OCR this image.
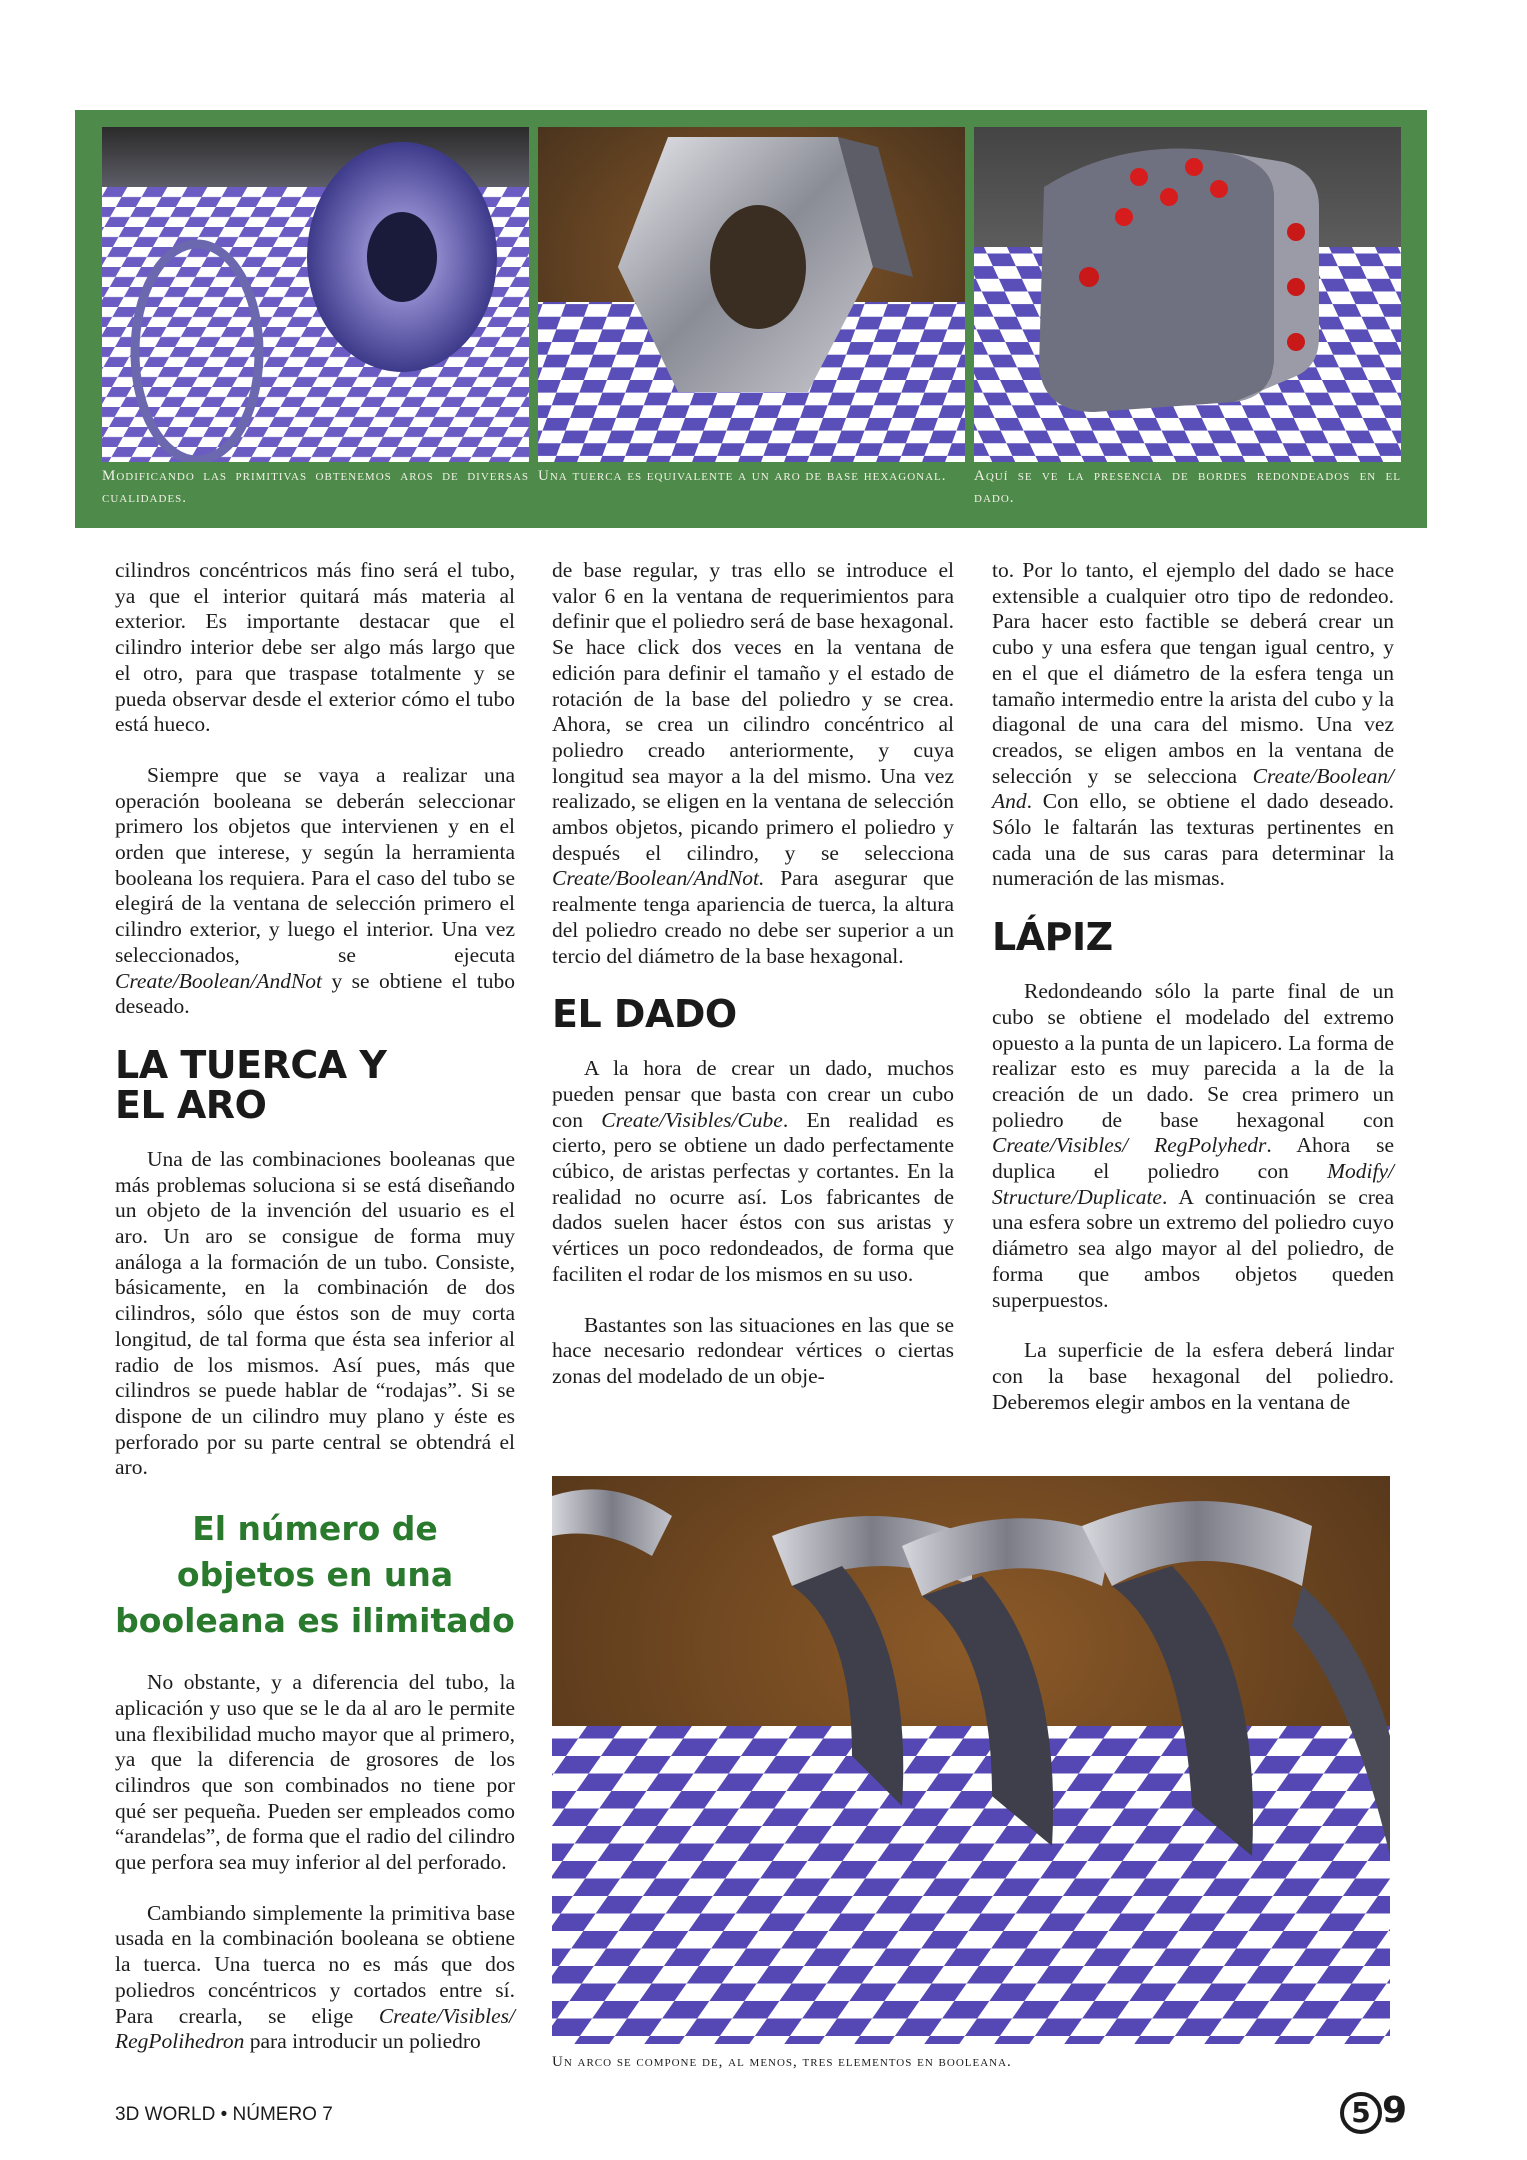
Modificando las primitivas obtenemos aros de diversas cualidades.
Una tuerca es equivalente a un aro de base hexagonal.	Aquí se ve la presencia de bordes redondeados en el dado.

cilindros concéntricos más fino será el tubo, ya que el interior quitará más materia al exterior. Es importante destacar que el cilindro interior debe ser algo más largo que el otro, para que traspase totalmente y se pueda observar desde el exterior cómo el tubo está hueco.

Siempre que se vaya a realizar una operación booleana se deberán seleccionar primero los objetos que intervienen y en el orden que interese, y según la herramienta booleana los requiera. Para el caso del tubo se elegirá de la ventana de selección primero el cilindro exterior, y luego el interior. Una vez seleccionados, se ejecuta Create/Boolean/AndNot y se obtiene el tubo deseado.

LA TUERCA Y
EL ARO

Una de las combinaciones booleanas que más problemas soluciona si se está diseñando un objeto de la invención del usuario es el aro. Un aro se consigue de forma muy análoga a la formación de un tubo. Consiste, básicamente, en la combinación de dos cilindros, sólo que éstos son de muy corta longitud, de tal forma que ésta sea inferior al radio de los mismos. Así pues, más que cilindros se puede hablar de “rodajas”. Si se dispone de un cilindro muy plano y éste es perforado por su parte central se obtendrá el aro.

El número de
objetos en una
booleana es ilimitado

No obstante, y a diferencia del tubo, la aplicación y uso que se le da al aro le permite una flexibilidad mucho mayor que al primero, ya que la diferencia de grosores de los cilindros que son combinados no tiene por qué ser pequeña. Pueden ser empleados como “arandelas”, de forma que el radio del cilindro que perfora sea muy inferior al del perforado.

Cambiando simplemente la primitiva base usada en la combinación booleana se obtiene la tuerca. Una tuerca no es más que dos poliedros concéntricos y cortados entre sí. Para crearla, se elige Create/Visibles/ RegPolihedron para introducir un poliedro

de base regular, y tras ello se introduce el valor 6 en la ventana de requerimientos para definir que el poliedro será de base hexagonal. Se hace click dos veces en la ventana de edición para definir el tamaño y el estado de rotación de la base del poliedro y se crea. Ahora, se crea un cilindro concéntrico al poliedro creado anteriormente, y cuya longitud sea mayor a la del mismo. Una vez realizado, se eligen en la ventana de selección ambos objetos, picando primero el poliedro y después el cilindro, y se selecciona Create/Boolean/AndNot. Para asegurar que realmente tenga apariencia de tuerca, la altura del poliedro creado no debe ser superior a un tercio del diámetro de la base hexagonal.

EL DADO

A la hora de crear un dado, muchos pueden pensar que basta con crear un cubo con Create/Visibles/Cube. En realidad es cierto, pero se obtiene un dado perfectamente cúbico, de aristas perfectas y cortantes. En la realidad no ocurre así. Los fabricantes de dados suelen hacer éstos con sus aristas y vértices un poco redondeados, de forma que faciliten el rodar de los mismos en su uso.

Bastantes son las situaciones en las que se hace necesario redondear vértices o ciertas zonas del modelado de un obje-

to. Por lo tanto, el ejemplo del dado se hace extensible a cualquier otro tipo de redondeo. Para hacer esto factible se deberá crear un cubo y una esfera que tengan igual centro, y en el que el diámetro de la esfera tenga un tamaño intermedio entre la arista del cubo y la diagonal de una cara del mismo. Una vez creados, se eligen ambos en la ventana de selección y se selecciona Create/Boolean/ And. Con ello, se obtiene el dado deseado. Sólo le faltarán las texturas pertinentes en cada una de sus caras para determinar la numeración de las mismas.

LÁPIZ

Redondeando sólo la parte final de un cubo se obtiene el modelado del extremo opuesto a la punta de un lapicero. La forma de realizar esto es muy parecida a la de la creación de un dado. Se crea primero un poliedro de base hexagonal con Create/Visibles/ RegPolyhedr. Ahora se duplica el poliedro con Modify/ Structure/Duplicate. A continuación se crea una esfera sobre un extremo del poliedro cuyo diámetro sea algo mayor al del poliedro, de forma que ambos objetos queden superpuestos.

La superficie de la esfera deberá lindar con la base hexagonal del poliedro. Deberemos elegir ambos en la ventana de

Un arco se compone de, al menos, tres elementos en booleana.
3D WORLD • NÚMERO 7	5 9
